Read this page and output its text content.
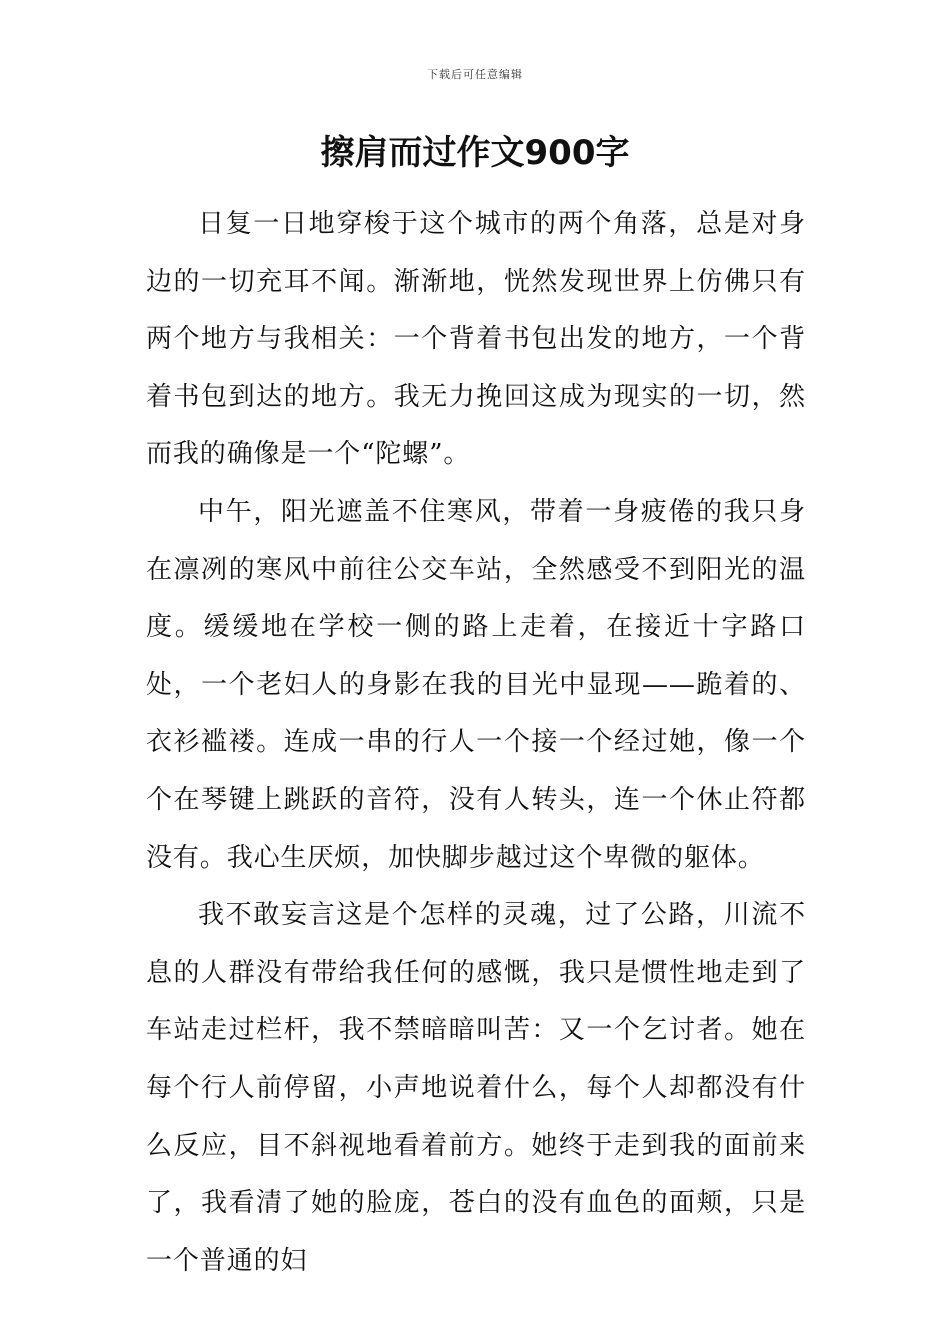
下载后可任意编辑
擦肩而过作文900字

日复一日地穿梭于这个城市的两个角落，总是对身边的一切充耳不闻。渐渐地，恍然发现世界上仿佛只有两个地方与我相关：一个背着书包出发的地方，一个背着书包到达的地方。我无力挽回这成为现实的一切，然而我的确像是一个“陀螺”。

中午，阳光遮盖不住寒风，带着一身疲倦的我只身在凛冽的寒风中前往公交车站，全然感受不到阳光的温度。缓缓地在学校一侧的路上走着，在接近十字路口处，一个老妇人的身影在我的目光中显现——跪着的、衣衫褴褛。连成一串的行人一个接一个经过她，像一个个在琴键上跳跃的音符，没有人转头，连一个休止符都没有。我心生厌烦，加快脚步越过这个卑微的躯体。

我不敢妄言这是个怎样的灵魂，过了公路，川流不息的人群没有带给我任何的感慨，我只是惯性地走到了车站走过栏杆，我不禁暗暗叫苦：又一个乞讨者。她在每个行人前停留，小声地说着什么，每个人却都没有什么反应，目不斜视地看着前方。她终于走到我的面前来了，我看清了她的脸庞，苍白的没有血色的面颊，只是一个普通的妇
